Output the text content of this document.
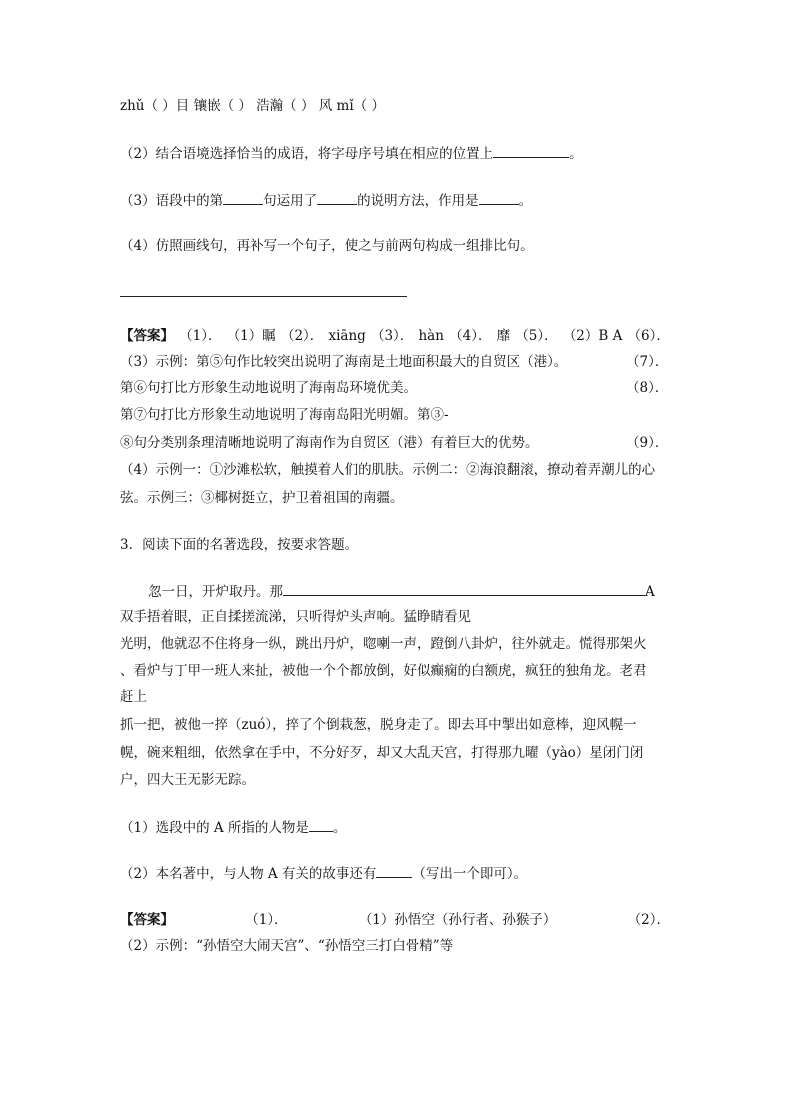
zhǔ（ ）目 镶嵌（ ） 浩瀚（ ） 风 mǐ（ ）
（2）结合语境选择恰当的成语，将字母序号填在相应的位置上	。
（3）语段中的第	句运用了	的说明方法，作用是	。
（4）仿照画线句，再补写一个句子，使之与前两句构成一组排比句。
【答案】 （1）． （1）瞩 （2）． xiāng （3）． hàn （4）． 靡 （5）． （2）B A （6）．
（3）示例：第⑤句作比较突出说明了海南是土地面积最大的自贸区（港）。	（7）．
第⑥句打比方形象生动地说明了海南岛环境优美。	（8）．
第⑦句打比方形象生动地说明了海南岛阳光明媚。第③-
⑧句分类别条理清晰地说明了海南作为自贸区（港）有着巨大的优势。	（9）．
（4）示例一：①沙滩松软，触摸着人们的肌肤。示例二：②海浪翻滚，撩动着弄潮儿的心
弦。示例三：③椰树挺立，护卫着祖国的南疆。
3．阅读下面的名著选段，按要求答题。
忽一日，开炉取丹。那	A
双手捂着眼，正自揉搓流涕，只听得炉头声响。猛睁睛看见
光明，他就忍不住将身一纵，跳出丹炉，唿喇一声，蹬倒八卦炉，往外就走。慌得那架火
、看炉与丁甲一班人来扯，被他一个个都放倒，好似癫痫的白额虎，疯狂的独角龙。老君
赶上
抓一把，被他一捽（zuó），捽了个倒栽葱，脱身走了。即去耳中掣出如意棒，迎风幌一
幌，碗来粗细，依然拿在手中，不分好歹，却又大乱天宫，打得那九曜（yào）星闭门闭
户，四大王无影无踪。
（1）选段中的 A 所指的人物是 。
（2）本名著中，与人物 A 有关的故事还有	（写出一个即可）。
【答案】	（1）．	（1）孙悟空（孙行者、孙猴子）	（2）．
（2）示例：“孙悟空大闹天宫”、“孙悟空三打白骨精”等
